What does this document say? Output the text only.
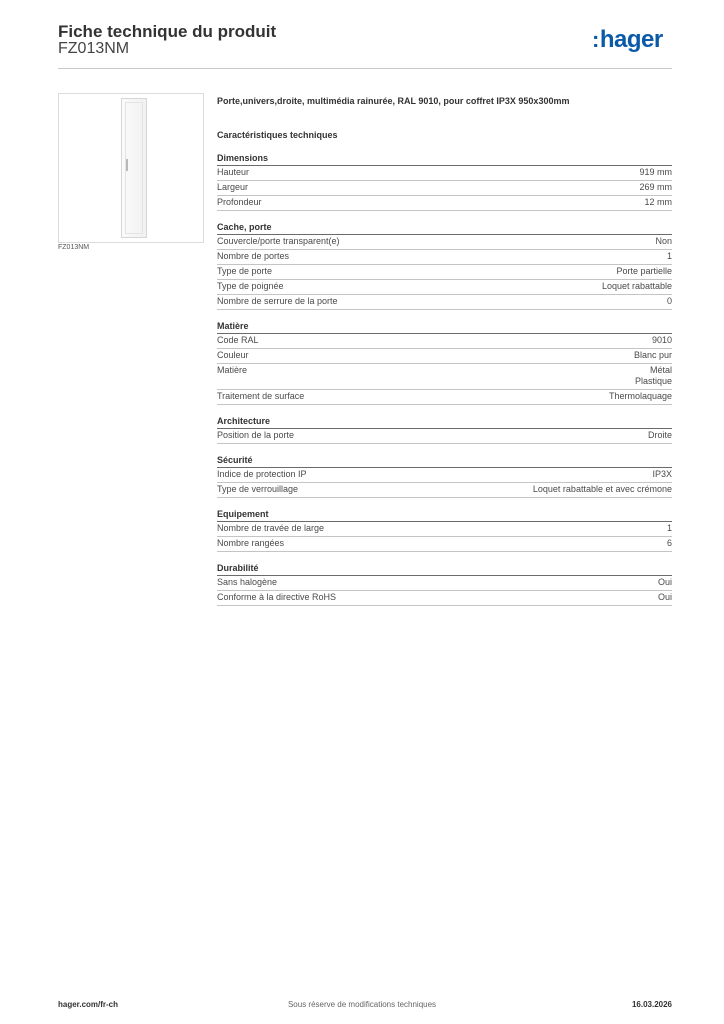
Fiche technique du produit
FZ013NM	:hager
FZ013NM
Porte,univers,droite, multimédia rainurée, RAL 9010, pour coffret IP3X 950x300mm
Caractéristiques techniques
Dimensions
Hauteur	919 mm
Largeur	269 mm
Profondeur	12 mm
Cache, porte
Couvercle/porte transparent(e)	Non
Nombre de portes	1
Type de porte	Porte partielle
Type de poignée	Loquet rabattable
Nombre de serrure de la porte	0
Matière
Code RAL	9010
Couleur	Blanc pur
Matière	Métal
Plastique
Traitement de surface	Thermolaquage
Architecture
Position de la porte	Droite
Sécurité
Indice de protection IP	IP3X
Type de verrouillage	Loquet rabattable et avec crémone
Equipement
Nombre de travée de large	1
Nombre rangées	6
Durabilité
Sans halogène	Oui
Conforme à la directive RoHS	Oui
hager.com/fr-ch	Sous réserve de modifications techniques	16.03.2026
